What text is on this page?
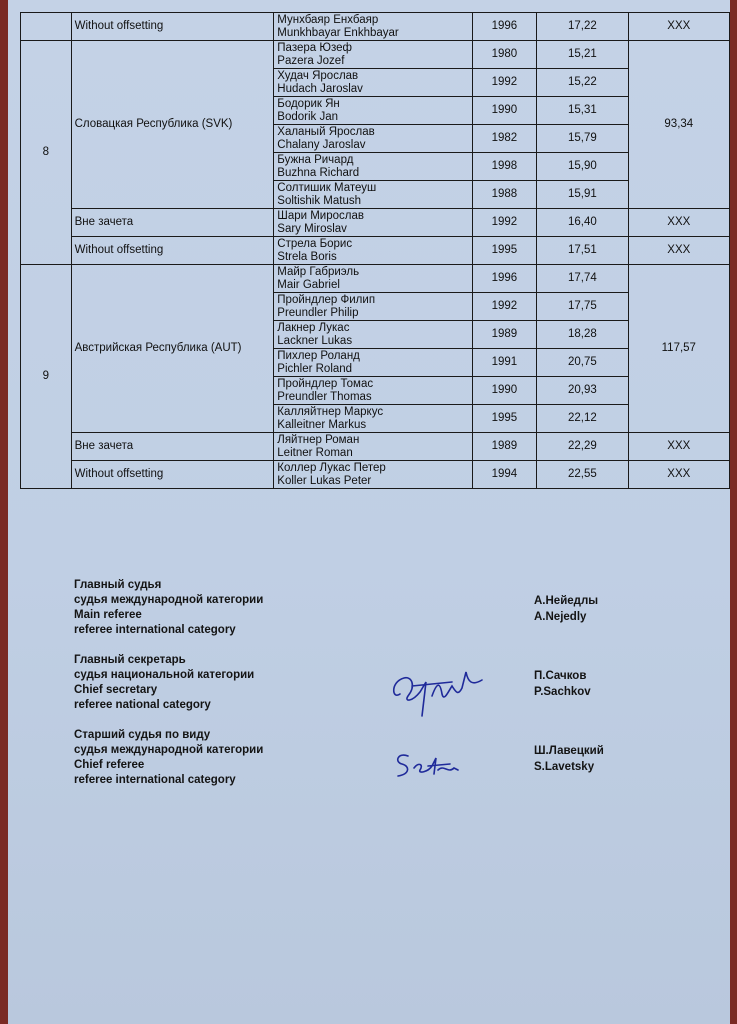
	Without offsetting	Мунхбаяр Енхбаяр
Munkhbayar Enkhbayar	1996	17,22	XXX
8	Словацкая Республика (SVK)	Пазера Юзеф
Pazera Jozef	1980	15,21	93,34

		Худач Ярослав
Hudach Jaroslav	1992	15,22	

		Бодорик Ян
Bodorik Jan	1990	15,31	

		Халаный Ярослав
Chalany Jaroslav	1982	15,79	

		Бужна Ричард
Buzhna Richard	1998	15,90	

		Солтишик Матеуш
Soltishik Matush	1988	15,91	
	Вне зачета	Шари Мирослав
Sary Miroslav	1992	16,40	XXX
	Without offsetting	Стрела Борис
Strela Boris	1995	17,51	XXX
9	Австрийская Республика (AUT)	Майр Габриэль
Mair Gabriel	1996	17,74	117,57

		Пройндлер Филип
Preundler Philip	1992	17,75	

		Лакнер Лукас
Lackner Lukas	1989	18,28	

		Пихлер Роланд
Pichler Roland	1991	20,75	

		Пройндлер Томас
Preundler Thomas	1990	20,93	

		Калляйтнер Маркус
Kalleitner Markus	1995	22,12	
	Вне зачета	Ляйтнер Роман
Leitner Roman	1989	22,29	XXX
	Without offsetting	Коллер Лукас Петер
Koller Lukas Peter	1994	22,55	XXX
Главный судья
судья международной категории
Main referee
referee international category
А.Нейедлы
A.Nejedly
Главный секретарь
судья национальной категории
Chief secretary
referee national category
П.Сачков
P.Sachkov
Старший судья по виду
судья международной категории
Chief referee
referee international category
Ш.Лавецкий
S.Lavetsky
